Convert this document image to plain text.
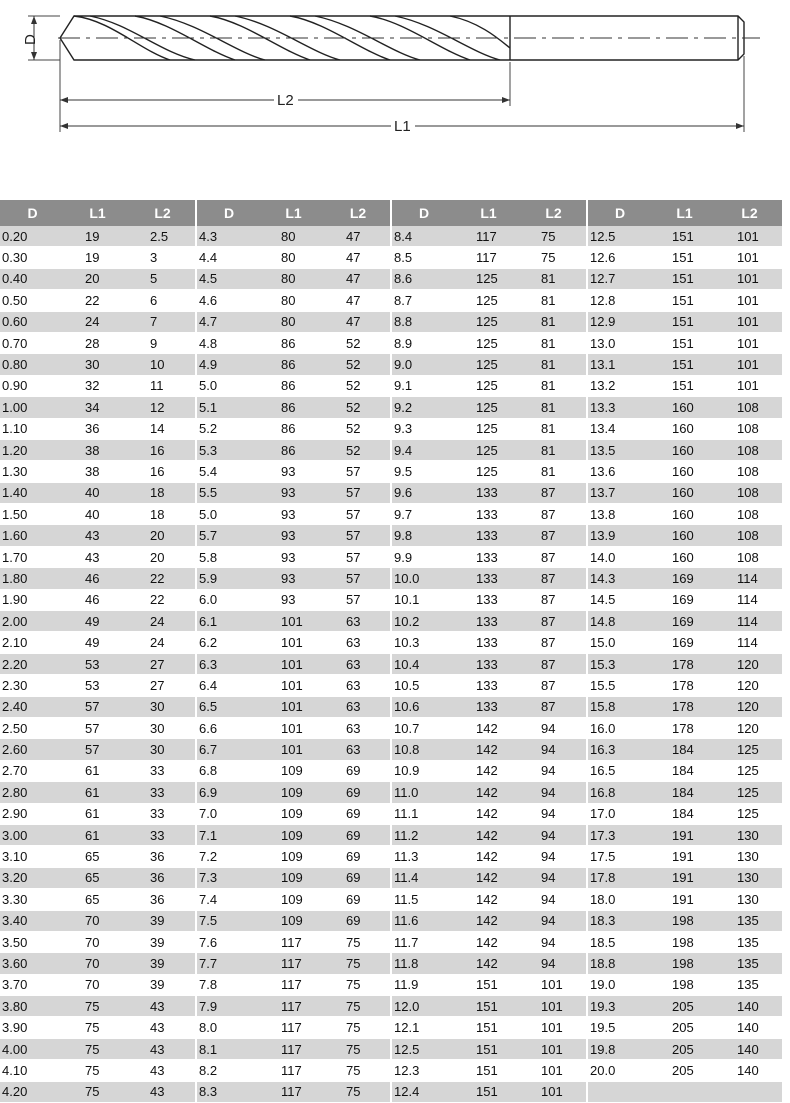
D
L2
L1
D	L1	L2	D	L1	L2	D	L1	L2	D	L1	L2
0.20	19	2.5	4.3	80	47	8.4	117	75	12.5	151	101
0.30	19	3	4.4	80	47	8.5	117	75	12.6	151	101
0.40	20	5	4.5	80	47	8.6	125	81	12.7	151	101
0.50	22	6	4.6	80	47	8.7	125	81	12.8	151	101
0.60	24	7	4.7	80	47	8.8	125	81	12.9	151	101
0.70	28	9	4.8	86	52	8.9	125	81	13.0	151	101
0.80	30	10	4.9	86	52	9.0	125	81	13.1	151	101
0.90	32	11	5.0	86	52	9.1	125	81	13.2	151	101
1.00	34	12	5.1	86	52	9.2	125	81	13.3	160	108
1.10	36	14	5.2	86	52	9.3	125	81	13.4	160	108
1.20	38	16	5.3	86	52	9.4	125	81	13.5	160	108
1.30	38	16	5.4	93	57	9.5	125	81	13.6	160	108
1.40	40	18	5.5	93	57	9.6	133	87	13.7	160	108
1.50	40	18	5.0	93	57	9.7	133	87	13.8	160	108
1.60	43	20	5.7	93	57	9.8	133	87	13.9	160	108
1.70	43	20	5.8	93	57	9.9	133	87	14.0	160	108
1.80	46	22	5.9	93	57	10.0	133	87	14.3	169	114
1.90	46	22	6.0	93	57	10.1	133	87	14.5	169	114
2.00	49	24	6.1	101	63	10.2	133	87	14.8	169	114
2.10	49	24	6.2	101	63	10.3	133	87	15.0	169	114
2.20	53	27	6.3	101	63	10.4	133	87	15.3	178	120
2.30	53	27	6.4	101	63	10.5	133	87	15.5	178	120
2.40	57	30	6.5	101	63	10.6	133	87	15.8	178	120
2.50	57	30	6.6	101	63	10.7	142	94	16.0	178	120
2.60	57	30	6.7	101	63	10.8	142	94	16.3	184	125
2.70	61	33	6.8	109	69	10.9	142	94	16.5	184	125
2.80	61	33	6.9	109	69	11.0	142	94	16.8	184	125
2.90	61	33	7.0	109	69	11.1	142	94	17.0	184	125
3.00	61	33	7.1	109	69	11.2	142	94	17.3	191	130
3.10	65	36	7.2	109	69	11.3	142	94	17.5	191	130
3.20	65	36	7.3	109	69	11.4	142	94	17.8	191	130
3.30	65	36	7.4	109	69	11.5	142	94	18.0	191	130
3.40	70	39	7.5	109	69	11.6	142	94	18.3	198	135
3.50	70	39	7.6	117	75	11.7	142	94	18.5	198	135
3.60	70	39	7.7	117	75	11.8	142	94	18.8	198	135
3.70	70	39	7.8	117	75	11.9	151	101	19.0	198	135
3.80	75	43	7.9	117	75	12.0	151	101	19.3	205	140
3.90	75	43	8.0	117	75	12.1	151	101	19.5	205	140
4.00	75	43	8.1	117	75	12.5	151	101	19.8	205	140
4.10	75	43	8.2	117	75	12.3	151	101	20.0	205	140
4.20	75	43	8.3	117	75	12.4	151	101			
